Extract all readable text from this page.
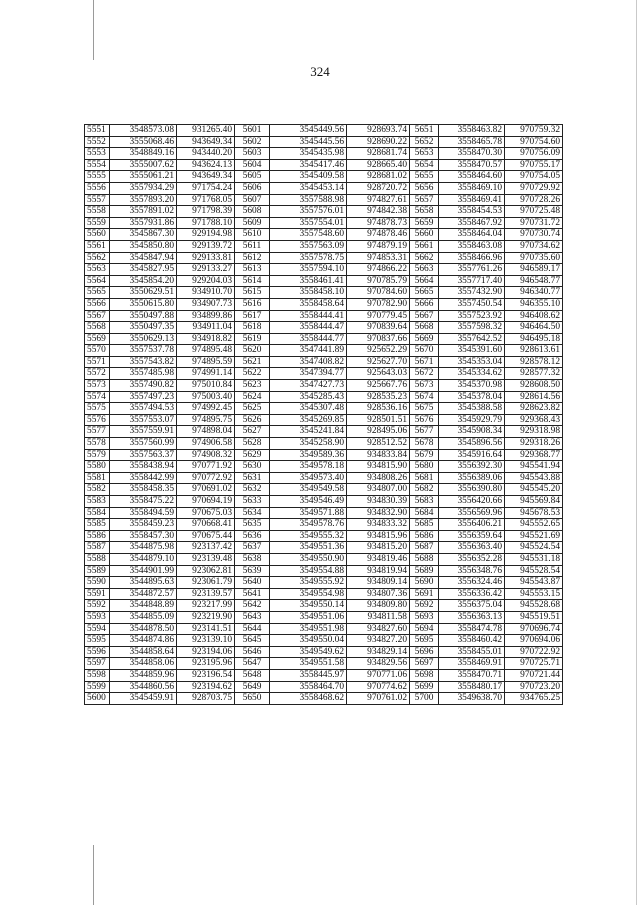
324
5551	3548573.08	931265.40	5601	3545449.56	928693.74	5651	3558463.82	970759.32
5552	3555068.46	943649.34	5602	3545445.56	928690.22	5652	3558465.78	970754.60
5553	3548849.16	943440.20	5603	3545435.98	928681.74	5653	3558470.30	970756.09
5554	3555007.62	943624.13	5604	3545417.46	928665.40	5654	3558470.57	970755.17
5555	3555061.21	943649.34	5605	3545409.58	928681.02	5655	3558464.60	970754.05
5556	3557934.29	971754.24	5606	3545453.14	928720.72	5656	3558469.10	970729.92
5557	3557893.20	971768.05	5607	3557588.98	974827.61	5657	3558469.41	970728.26
5558	3557891.02	971798.39	5608	3557576.01	974842.38	5658	3558454.53	970725.48
5559	3557931.86	971788.10	5609	3557554.01	974878.73	5659	3558467.92	970731.72
5560	3545867.30	929194.98	5610	3557548.60	974878.46	5660	3558464.04	970730.74
5561	3545850.80	929139.72	5611	3557563.09	974879.19	5661	3558463.08	970734.62
5562	3545847.94	929133.81	5612	3557578.75	974853.31	5662	3558466.96	970735.60
5563	3545827.95	929133.27	5613	3557594.10	974866.22	5663	3557761.26	946589.17
5564	3545854.20	929204.03	5614	3558461.41	970785.79	5664	3557717.40	946548.77
5565	3550629.51	934910.70	5615	3558458.10	970784.60	5665	3557432.90	946340.77
5566	3550615.80	934907.73	5616	3558458.64	970782.90	5666	3557450.54	946355.10
5567	3550497.88	934899.86	5617	3558444.41	970779.45	5667	3557523.92	946408.62
5568	3550497.35	934911.04	5618	3558444.47	970839.64	5668	3557598.32	946464.50
5569	3550629.13	934918.82	5619	3558444.77	970837.66	5669	3557642.52	946495.18
5570	3557537.78	974895.48	5620	3547441.89	925652.29	5670	3545391.60	928613.61
5571	3557543.82	974895.59	5621	3547408.82	925627.70	5671	3545353.04	928578.12
5572	3557485.98	974991.14	5622	3547394.77	925643.03	5672	3545334.62	928577.32
5573	3557490.82	975010.84	5623	3547427.73	925667.76	5673	3545370.98	928608.50
5574	3557497.23	975003.40	5624	3545285.43	928535.23	5674	3545378.04	928614.56
5575	3557494.53	974992.45	5625	3545307.48	928536.16	5675	3545388.58	928623.82
5576	3557553.07	974895.75	5626	3545269.85	928501.51	5676	3545929.79	929368.43
5577	3557559.91	974898.04	5627	3545241.84	928495.06	5677	3545908.34	929318.98
5578	3557560.99	974906.58	5628	3545258.90	928512.52	5678	3545896.56	929318.26
5579	3557563.37	974908.32	5629	3549589.36	934833.84	5679	3545916.64	929368.77
5580	3558438.94	970771.92	5630	3549578.18	934815.90	5680	3556392.30	945541.94
5581	3558442.99	970772.92	5631	3549573.40	934808.26	5681	3556389.06	945543.88
5582	3558458.35	970691.02	5632	3549549.58	934807.00	5682	3556390.80	945545.20
5583	3558475.22	970694.19	5633	3549546.49	934830.39	5683	3556420.66	945569.84
5584	3558494.59	970675.03	5634	3549571.88	934832.90	5684	3556569.96	945678.53
5585	3558459.23	970668.41	5635	3549578.76	934833.32	5685	3556406.21	945552.65
5586	3558457.30	970675.44	5636	3549555.32	934815.96	5686	3556359.64	945521.69
5587	3544875.98	923137.42	5637	3549551.36	934815.20	5687	3556363.40	945524.54
5588	3544879.10	923139.48	5638	3549550.90	934819.46	5688	3556352.28	945531.18
5589	3544901.99	923062.81	5639	3549554.88	934819.94	5689	3556348.76	945528.54
5590	3544895.63	923061.79	5640	3549555.92	934809.14	5690	3556324.46	945543.87
5591	3544872.57	923139.57	5641	3549554.98	934807.36	5691	3556336.42	945553.15
5592	3544848.89	923217.99	5642	3549550.14	934809.80	5692	3556375.04	945528.68
5593	3544855.09	923219.90	5643	3549551.06	934811.58	5693	3556363.13	945519.51
5594	3544878.50	923141.51	5644	3549551.98	934827.60	5694	3558474.78	970696.74
5595	3544874.86	923139.10	5645	3549550.04	934827.20	5695	3558460.42	970694.06
5596	3544858.64	923194.06	5646	3549549.62	934829.14	5696	3558455.01	970722.92
5597	3544858.06	923195.96	5647	3549551.58	934829.56	5697	3558469.91	970725.71
5598	3544859.96	923196.54	5648	3558445.97	970771.06	5698	3558470.71	970721.44
5599	3544860.56	923194.62	5649	3558464.70	970774.62	5699	3558480.17	970723.20
5600	3545459.91	928703.75	5650	3558468.62	970761.02	5700	3549638.70	934765.25
